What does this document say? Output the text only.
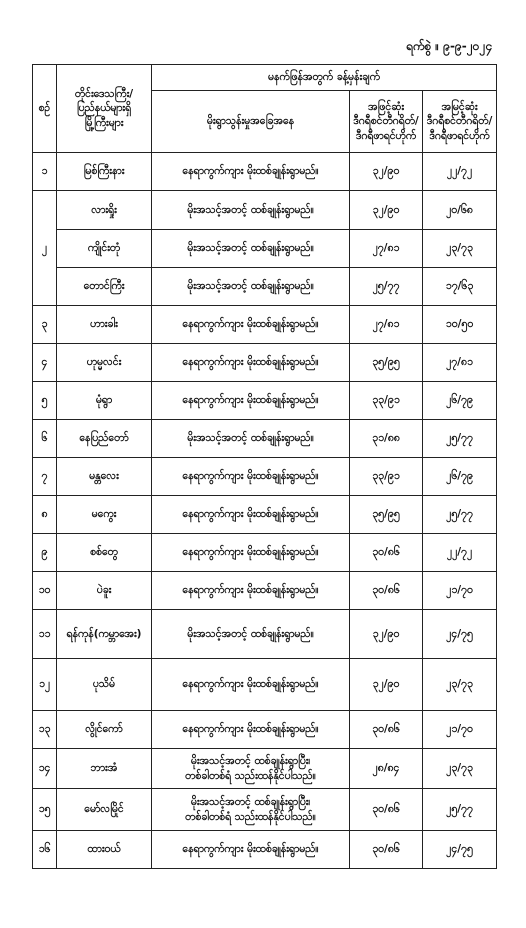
ရက်စွဲ ။ ၉-၉-၂၀၂၄
စဉ်	တိုင်းဒေသကြီး/
ပြည်နယ်များရှိ
မြို့ကြီးများ	မနက်ဖြန်အတွက် ခန့်မှန်းချက်		
		မိုးရွာသွန်းမှုအခြေအနေ	အဖြင့်ဆုံး
ဒီဂရီစင်တီဂရိတ်/
ဒီဂရီဖာရင်ဟိုက်	အမြင့်ဆုံး
ဒီဂရီစင်တီဂရိတ်/
ဒီဂရီဖာရင်ဟိုက်

၁	မြစ်ကြီးနား	နေရာကွက်ကျား မိုးထစ်ချုန်းရွာမည်။	၃၂/၉၀	၂၂/၇၂
၂	လားရှိုး	မိုးအသင့်အတင့် ထစ်ချုန်းရွာမည်။	၃၂/၉၀	၂၀/၆၈
	ကျိုင်းတုံ	မိုးအသင့်အတင့် ထစ်ချုန်းရွာမည်။	၂၇/၈၁	၂၃/၇၃
	တောင်ကြီး	မိုးအသင့်အတင့် ထစ်ချုန်းရွာမည်။	၂၅/၇၇	၁၇/၆၃
၃	ဟားခါး	နေရာကွက်ကျား မိုးထစ်ချုန်းရွာမည်။	၂၇/၈၁	၁၀/၅၀
၄	ဟုမ္မလင်း	နေရာကွက်ကျား မိုးထစ်ချုန်းရွာမည်။	၃၅/၉၅	၂၇/၈၁
၅	မုံရွာ	နေရာကွက်ကျား မိုးထစ်ချုန်းရွာမည်။	၃၃/၉၁	၂၆/၇၉
၆	နေပြည်တော်	မိုးအသင့်အတင့် ထစ်ချုန်းရွာမည်။	၃၁/၈၈	၂၅/၇၇
၇	မန္တလေး	နေရာကွက်ကျား မိုးထစ်ချုန်းရွာမည်။	၃၃/၉၁	၂၆/၇၉
၈	မကွေး	နေရာကွက်ကျား မိုးထစ်ချုန်းရွာမည်။	၃၅/၉၅	၂၅/၇၇
၉	စစ်တွေ	နေရာကွက်ကျား မိုးထစ်ချုန်းရွာမည်။	၃၀/၈၆	၂၂/၇၂
၁၀	ပဲခူး	နေရာကွက်ကျား မိုးထစ်ချုန်းရွာမည်။	၃၀/၈၆	၂၁/၇၀
၁၁	ရန်ကုန်(ကမ္ဘာအေး)	မိုးအသင့်အတင့် ထစ်ချုန်းရွာမည်။	၃၂/၉၀	၂၄/၇၅
၁၂	ပုသိမ်	နေရာကွက်ကျား မိုးထစ်ချုန်းရွာမည်။	၃၂/၉၀	၂၃/၇၃
၁၃	လွိုင်ကော်	နေရာကွက်ကျား မိုးထစ်ချုန်းရွာမည်။	၃၀/၈၆	၂၁/၇၀
၁၄	ဘားအံ	မိုးအသင့်အတင့် ထစ်ချုန်းရွာပြီး၊
တစ်ခါတစ်ရံ သည်းထန်နိုင်ပါသည်။	၂၈/၈၄	၂၃/၇၃
၁၅	မော်လမြိုင်	မိုးအသင့်အတင့် ထစ်ချုန်းရွာပြီး၊
တစ်ခါတစ်ရံ သည်းထန်နိုင်ပါသည်။	၃၀/၈၆	၂၅/၇၇
၁၆	ထားဝယ်	နေရာကွက်ကျား မိုးထစ်ချုန်းရွာမည်။	၃၀/၈၆	၂၄/၇၅
